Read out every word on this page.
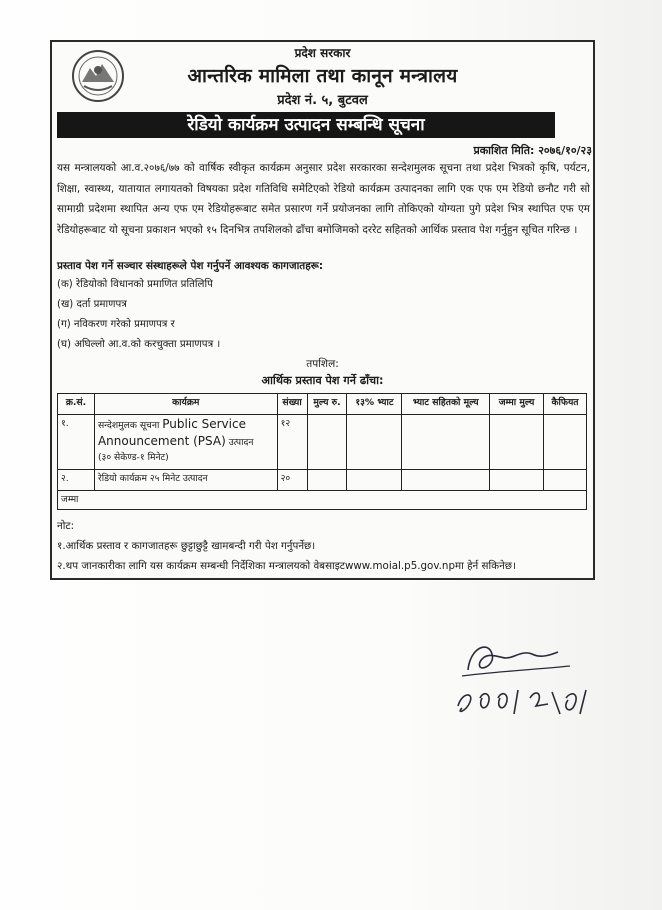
प्रदेश सरकार
आन्तरिक मामिला तथा कानून मन्त्रालय
प्रदेश नं. ५, बुटवल
रेडियो कार्यक्रम उत्पादन सम्बन्धि सूचना
प्रकाशित मिति: २०७६/१०/२३
यस मन्त्रालयको आ.व.२०७६/७७ को वार्षिक स्वीकृत कार्यक्रम अनुसार प्रदेश सरकारका सन्देशमुलक सूचना तथा प्रदेश भित्रको कृषि, पर्यटन, शिक्षा, स्वास्थ्य, यातायात लगायतको विषयका प्रदेश गतिविधि समेटिएको रेडियो कार्यक्रम उत्पादनका लागि एक एफ एम रेडियो छनौट गरी सो सामाग्री प्रदेशमा स्थापित अन्य एफ एम रेडियोहरूबाट समेत प्रसारण गर्ने प्रयोजनका लागि तोकिएको योग्यता पुगे प्रदेश भित्र स्थापित एफ एम रेडियोहरूबाट यो सूचना प्रकाशन भएको १५ दिनभित्र तपशिलको ढाँचा बमोजिमको दररेट सहितको आर्थिक प्रस्ताव पेश गर्नुहुन सूचित गरिन्छ ।
प्रस्ताव पेश गर्ने सञ्चार संस्थाहरूले पेश गर्नुपर्ने आवश्यक कागजातहरू:
(क) रेडियोको विधानको प्रमाणित प्रतिलिपि
(ख) दर्ता प्रमाणपत्र
(ग) नविकरण गरेको प्रमाणपत्र र
(घ) अघिल्लो आ.व.को करचुक्ता प्रमाणपत्र ।
तपशिल:
आर्थिक प्रस्ताव पेश गर्ने ढाँचा:
क्र.सं.	कार्यक्रम	संख्या	मुल्य रु.	१३% भ्याट	भ्याट सहितको मूल्य	जम्मा मुल्य	कैफियत
१.	सन्देशमुलक सूचना Public Service Announcement (PSA) उत्पादन
(३० सेकेण्ड-१ मिनेट)	१२					
२.	रेडियो कार्यक्रम २५ मिनेट उत्पादन	२०					
जम्मा							
नोट:
१.आर्थिक प्रस्ताव र कागजातहरू छुट्टाछुट्टै खामबन्दी गरी पेश गर्नुपर्नेछ।
२.थप जानकारीका लागि यस कार्यक्रम सम्बन्धी निर्देशिका मन्त्रालयको वेबसाइटwww.moial.p5.gov.npमा हेर्न सकिनेछ।
